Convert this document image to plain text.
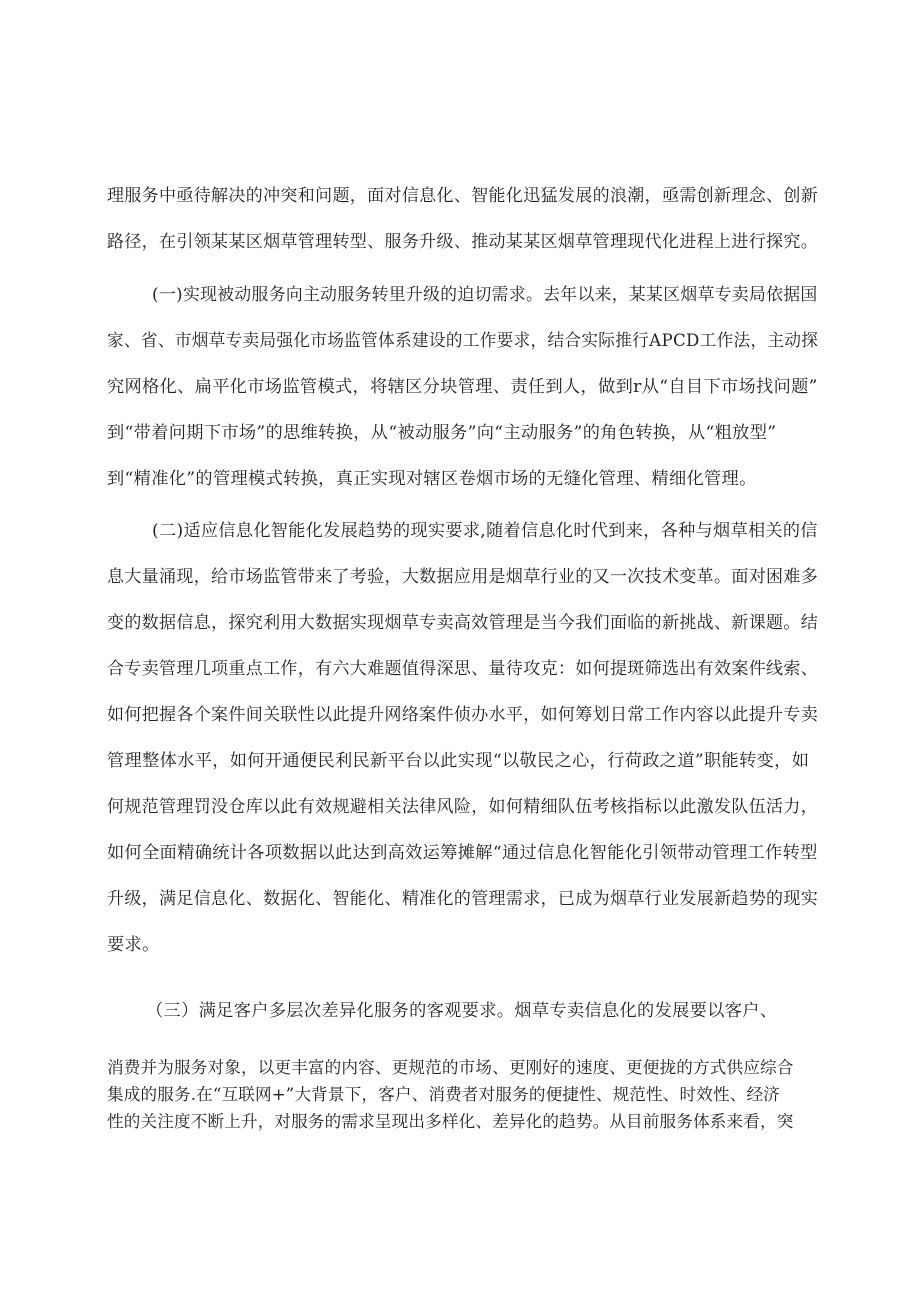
理服务中亟待解决的冲突和问题，面对信息化、智能化迅猛发展的浪潮，亟需创新理念、创新
路径，在引领某某区烟草管理转型、服务升级、推动某某区烟草管理现代化进程上进行探究。
(一)实现被动服务向主动服务转里升级的迫切需求。去年以来，某某区烟草专卖局依据国
家、省、市烟草专卖局强化市场监管体系建设的工作要求，结合实际推行APCD工作法，主动探
究网格化、扁平化市场监管模式，将辖区分块管理、责任到人，做到r从“自目下市场找问题”
到“带着问期下市场”的思维转换，从“被动服务”向“主动服务”的角色转换，从“粗放型”
到“精准化”的管理模式转换，真正实现对辖区卷烟市场的无缝化管理、精细化管理。
(二)适应信息化智能化发展趋势的现实要求,随着信息化时代到来，各种与烟草相关的信
息大量涌现，给市场监管带来了考验，大数据应用是烟草行业的又一次技术变革。面对困难多
变的数据信息，探究利用大数据实现烟草专卖高效管理是当今我们面临的新挑战、新课题。结
合专卖管理几项重点工作，有六大难题值得深思、量待攻克：如何提斑筛选出有效案件线索、
如何把握各个案件间关联性以此提升网络案件侦办水平，如何筹划日常工作内容以此提升专卖
管理整体水平，如何开通便民利民新平台以此实现“以敬民之心，行荷政之道”职能转变，如
何规范管理罚没仓库以此有效规避相关法律风险，如何精细队伍考核指标以此激发队伍活力，
如何全面精确统计各项数据以此达到高效运筹摊解“通过信息化智能化引领带动管理工作转型
升级，满足信息化、数据化、智能化、精准化的管理需求，已成为烟草行业发展新趋势的现实
要求。
（三）满足客户多层次差异化服务的客观要求。烟草专卖信息化的发展要以客户、
消费并为服务对象，以更丰富的内容、更规范的市场、更刚好的速度、更便拢的方式供应综合
集成的服务.在“互联网+”大背景下，客户、消费者对服务的便捷性、规范性、时效性、经济
性的关注度不断上升，对服务的需求呈现出多样化、差异化的趋势。从目前服务体系来看，突
